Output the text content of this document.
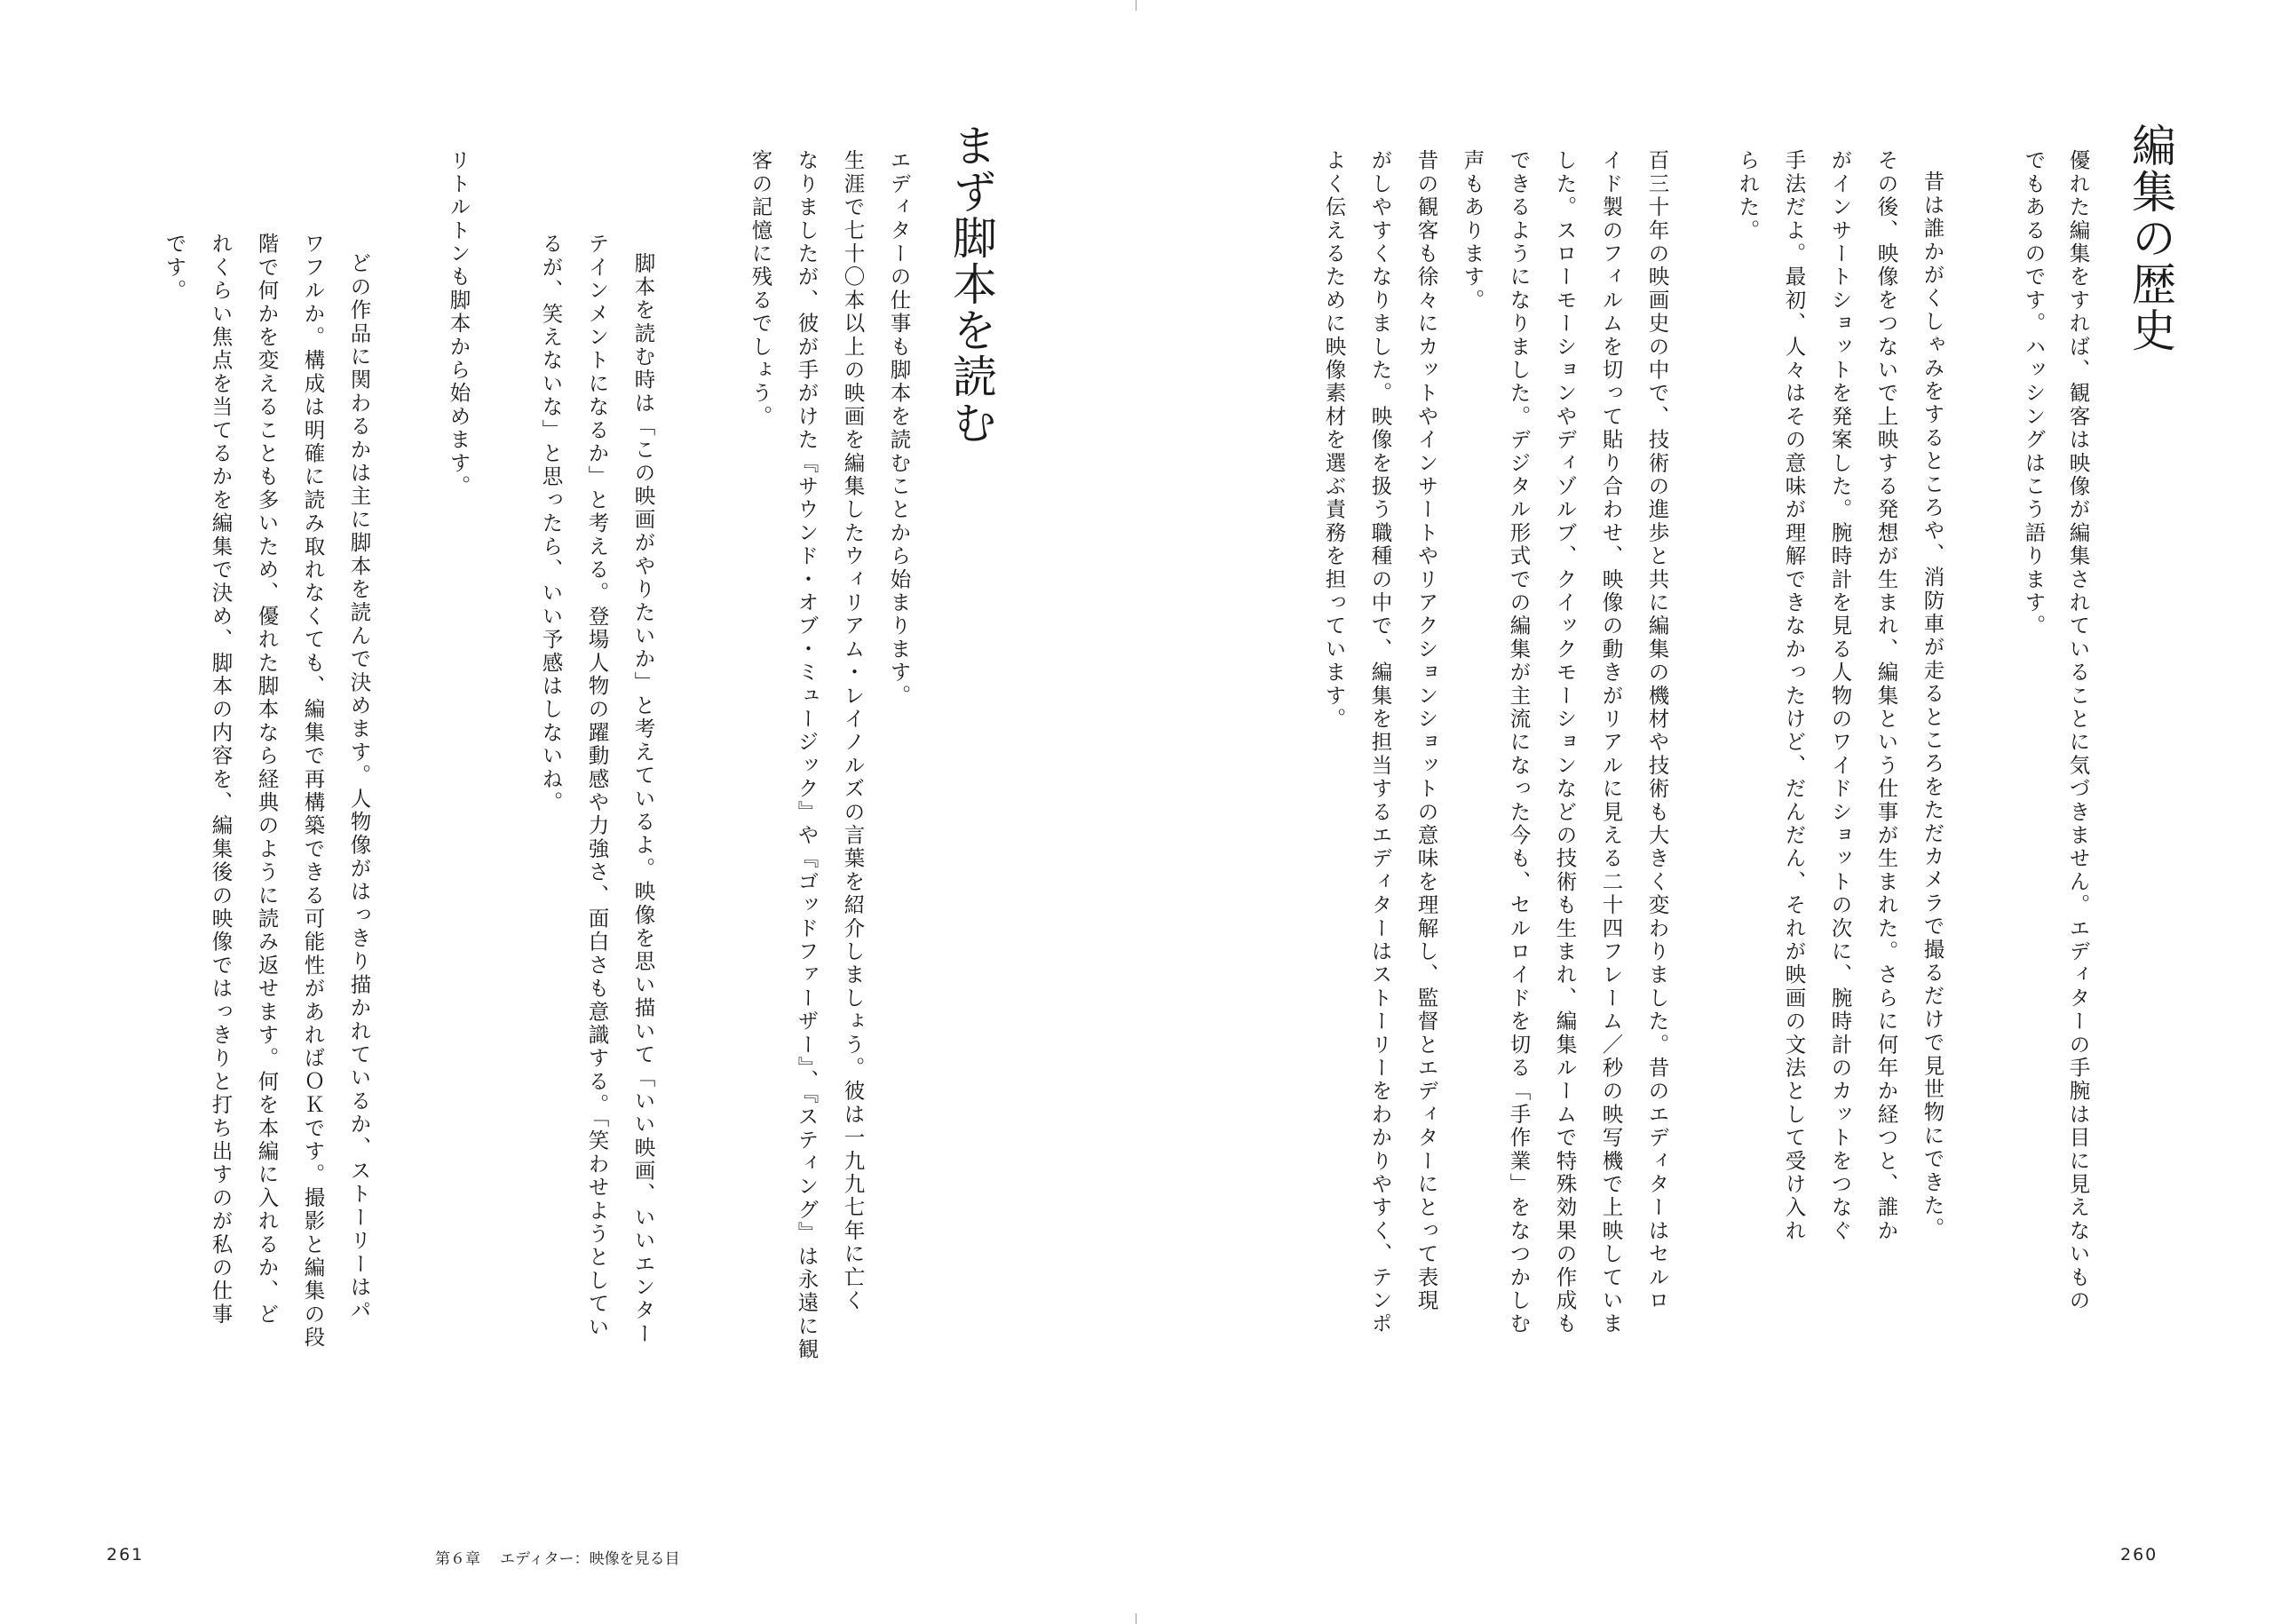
編集の歴史

優れた編集をすれば、観客は映像が編集されていることに気づきません。エディターの手腕は目に見えないもの

でもあるのです。ハッシングはこう語ります。

昔は誰かがくしゃみをするところや、消防車が走るところをただカメラで撮るだけで見世物にできた。

その後、映像をつないで上映する発想が生まれ、編集という仕事が生まれた。さらに何年か経つと、誰か

がインサートショットを発案した。腕時計を見る人物のワイドショットの次に、腕時計のカットをつなぐ

手法だよ。最初、人々はその意味が理解できなかったけど、だんだん、それが映画の文法として受け入れ

られた。

百三十年の映画史の中で、技術の進歩と共に編集の機材や技術も大きく変わりました。昔のエディターはセルロ

イド製のフィルムを切って貼り合わせ、映像の動きがリアルに見える二十四フレーム／秒の映写機で上映していま

した。スローモーションやディゾルブ、クイックモーションなどの技術も生まれ、編集ルームで特殊効果の作成も

できるようになりました。デジタル形式での編集が主流になった今も、セルロイドを切る「手作業」をなつかしむ

声もあります。

昔の観客も徐々にカットやインサートやリアクションショットの意味を理解し、監督とエディターにとって表現

がしやすくなりました。映像を扱う職種の中で、編集を担当するエディターはストーリーをわかりやすく、テンポ

よく伝えるために映像素材を選ぶ責務を担っています。

まず脚本を読む

エディターの仕事も脚本を読むことから始まります。

生涯で七十〇本以上の映画を編集したウィリアム・レイノルズの言葉を紹介しましょう。彼は一九九七年に亡く

なりましたが、彼が手がけた『サウンド・オブ・ミュージック』や『ゴッドファーザー』、『スティング』は永遠に観

客の記憶に残るでしょう。

脚本を読む時は「この映画がやりたいか」と考えているよ。映像を思い描いて「いい映画、いいエンター

テインメントになるか」と考える。登場人物の躍動感や力強さ、面白さも意識する。「笑わせようとしてい

るが、笑えないな」と思ったら、いい予感はしないね。

リトルトンも脚本から始めます。

どの作品に関わるかは主に脚本を読んで決めます。人物像がはっきり描かれているか、ストーリーはパ

ワフルか。構成は明確に読み取れなくても、編集で再構築できる可能性があればＯＫです。撮影と編集の段

階で何かを変えることも多いため、優れた脚本なら経典のように読み返せます。何を本編に入れるか、ど

れくらい焦点を当てるかを編集で決め、脚本の内容を、編集後の映像ではっきりと打ち出すのが私の仕事

です。

261	第６章 エディター：映像を見る目	260
